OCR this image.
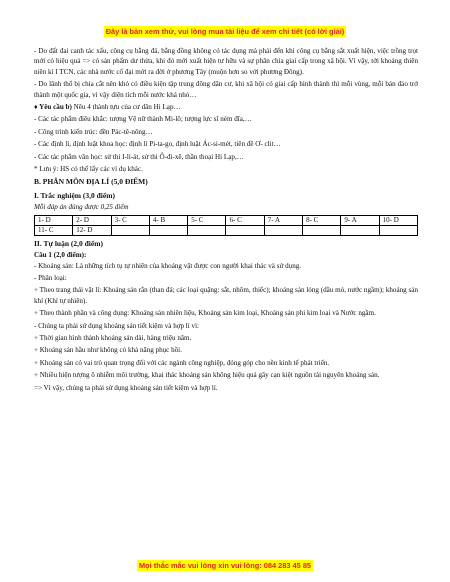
Đây là bản xem thử, vui lòng mua tài liệu để xem chi tiết (có lời giải)

- Do đất đai canh tác xấu, công cụ bằng đá, bằng đồng không có tác dụng mà phải đến khi công cụ bằng sắt xuất hiện, việc trồng trọt mới có hiệu quả => có sản phẩm dư thừa, khi đó mới xuất hiện tư hữu và sự phân chia giai cấp trong xã hội. Vì vậy, tới khoảng thiên niên kỉ I TCN, các nhà nước cổ đại mới ra đời ở phương Tây (muộn hơn so với phương Đông).

- Do lãnh thổ bị chia cắt nên khó có điều kiện tập trung đông dân cư, khi xã hội có giai cấp hình thành thì mỗi vùng, mỗi bán đảo trở thành một quốc gia, vì vậy diện tích mỗi nước khá nhỏ…

♦ Yêu cầu b) Nêu 4 thành tựu của cư dân Hi Lạp…

- Các tác phẩm điêu khắc: tượng Vệ nữ thành Mi-lô; tượng lực sĩ ném đĩa,…

- Công trình kiến trúc: đền Pác-tê-nông…

- Các định lí, định luật khoa học: định lí Pi-ta-go, định luật Ác-si-mét, tiên đề Ơ- clit…

- Các tác phẩm văn học: sử thi I-li-át, sử thi Ô-đi-xê, thần thoại Hi Lạp,…

* Lưu ý: HS có thể lấy các ví dụ khác.

B. PHÂN MÔN ĐỊA LÍ (5,0 ĐIỂM)
I. Trắc nghiệm (3,0 điểm)
Mỗi đáp án đúng được 0,25 điểm
1- D	2- D	3- C	4- B	5- C	6- C	7- A	8- C	9- A	10- D
11- C	12- D								
II. Tự luận (2,0 điểm)
Câu 1 (2,0 điểm):

- Khoáng sản: Là những tích tụ tự nhiên của khoáng vật được con người khai thác và sử dụng.

- Phân loại:

+ Theo trang thái vật lí: Khoáng sản rắn (than đá; các loại quặng: sắt, nhôm, thiếc); khoáng sản lỏng (dầu mỏ, nước ngầm); khoáng sản khí (Khí tự nhiên).

+ Theo thành phần và công dụng: Khoáng sản nhiên liệu, Khoáng sản kim loại, Khoáng sản phi kim loại và Nước ngầm.

- Chúng ta phải sử dụng khoáng sản tiết kiệm và hợp lí vì:

+ Thời gian hình thành khoáng sản dài, hàng triệu năm.

+ Khoáng sản hầu như không có khả năng phục hồi.

+ Khoáng sản có vai trò quan trọng đối với các ngành công nghiệp, đóng góp cho nền kinh tế phát triển.

+ Nhiều hiện tượng ô nhiễm môi trường, khai thác khoáng sản không hiệu quả gây cạn kiệt nguồn tài nguyên khoáng sản.

=> Vì vậy, chúng ta phải sử dụng khoáng sản tiết kiệm và hợp lí.

Mọi thắc mắc vui lòng xin vui lòng: 084 283 45 85
